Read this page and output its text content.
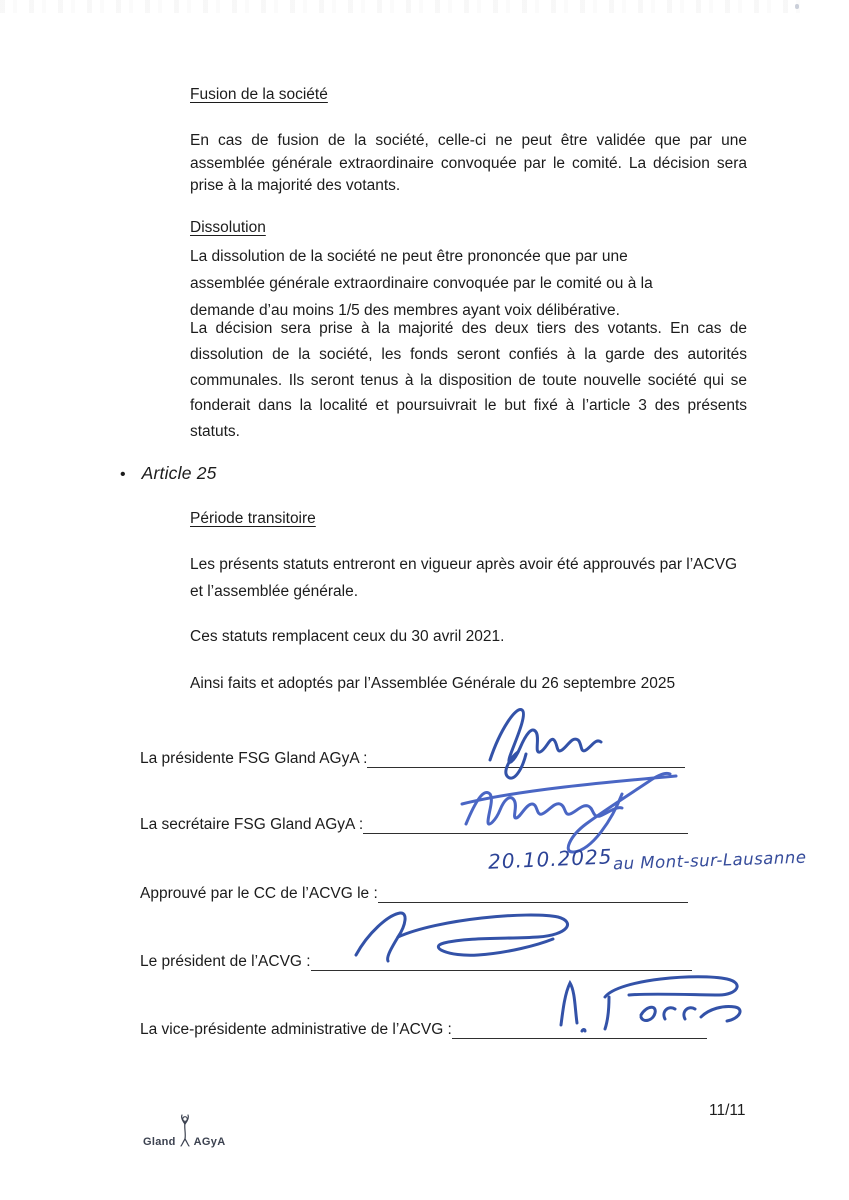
Fusion de la société
En cas de fusion de la société, celle-ci ne peut être validée que par une assemblée générale extraordinaire convoquée par le comité. La décision sera prise à la majorité des votants.
Dissolution
La dissolution de la société ne peut être prononcée que par une assemblée générale extraordinaire convoquée par le comité ou à la demande d’au moins 1/5 des membres ayant voix délibérative.
La décision sera prise à la majorité des deux tiers des votants. En cas de dissolution de la société, les fonds seront confiés à la garde des autorités communales. Ils seront tenus à la disposition de toute nouvelle société qui se fonderait dans la localité et poursuivrait le but fixé à l’article 3 des présents statuts.
• Article 25
Période transitoire
Les présents statuts entreront en vigueur après avoir été approuvés par l’ACVG et l’assemblée générale.
Ces statuts remplacent ceux du 30 avril 2021.
Ainsi faits et adoptés par l’Assemblée Générale du 26 septembre 2025
La présidente FSG Gland AGyA :
La secrétaire FSG Gland AGyA :
Approuvé par le CC de l’ACVG le :
20.10.2025 au Mont-sur-Lausanne
Le président de l’ACVG :
La vice-présidente administrative de l’ACVG :
11/11
Gland AGyA
